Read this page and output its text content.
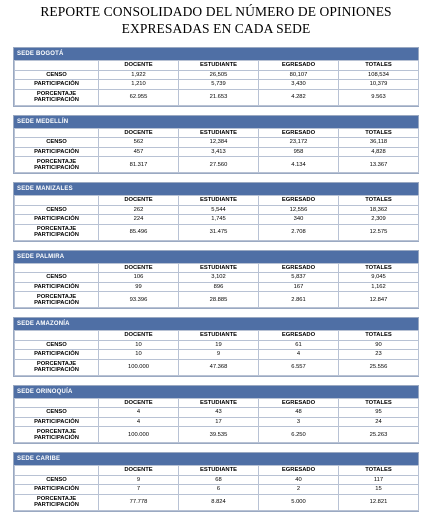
REPORTE CONSOLIDADO DEL NÚMERO DE OPINIONES
EXPRESADAS EN CADA SEDE
SEDE BOGOTÁ
	DOCENTE	ESTUDIANTE	EGRESADO	TOTALES
CENSO	1,922	26,505	80,107	108,534
PARTICIPACIÓN	1,210	5,739	3,430	10,379

PORCENTAJE
PARTICIPACIÓN	62.955	21.653	4.282	9.563
SEDE MEDELLÍN
	DOCENTE	ESTUDIANTE	EGRESADO	TOTALES
CENSO	562	12,384	23,172	36,118
PARTICIPACIÓN	457	3,413	958	4,828

PORCENTAJE
PARTICIPACIÓN	81.317	27.560	4.134	13.367
SEDE MANIZALES
	DOCENTE	ESTUDIANTE	EGRESADO	TOTALES
CENSO	262	5,544	12,556	18,362
PARTICIPACIÓN	224	1,745	340	2,309

PORCENTAJE
PARTICIPACIÓN	85.496	31.475	2.708	12.575
SEDE PALMIRA
	DOCENTE	ESTUDIANTE	EGRESADO	TOTALES
CENSO	106	3,102	5,837	9,045
PARTICIPACIÓN	99	896	167	1,162

PORCENTAJE
PARTICIPACIÓN	93.396	28.885	2.861	12.847
SEDE AMAZONÍA
	DOCENTE	ESTUDIANTE	EGRESADO	TOTALES
CENSO	10	19	61	90
PARTICIPACIÓN	10	9	4	23

PORCENTAJE
PARTICIPACIÓN	100.000	47.368	6.557	25.556
SEDE ORINOQUÍA
	DOCENTE	ESTUDIANTE	EGRESADO	TOTALES
CENSO	4	43	48	95
PARTICIPACIÓN	4	17	3	24

PORCENTAJE
PARTICIPACIÓN	100.000	39.535	6.250	25.263
SEDE CARIBE
	DOCENTE	ESTUDIANTE	EGRESADO	TOTALES
CENSO	9	68	40	117
PARTICIPACIÓN	7	6	2	15

PORCENTAJE
PARTICIPACIÓN	77.778	8.824	5.000	12.821
